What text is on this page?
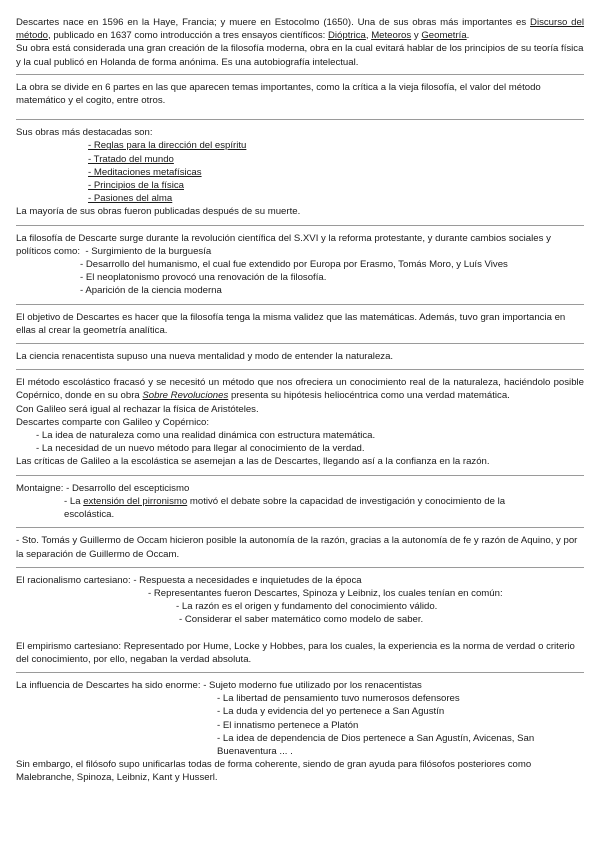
Descartes nace en 1596 en la Haye, Francia; y muere en Estocolmo (1650). Una de sus obras más importantes es Discurso del método, publicado en 1637 como introducción a tres ensayos científicos: Dióptrica, Meteoros y Geometría.

Su obra está considerada una gran creación de la filosofía moderna, obra en la cual evitará hablar de los principios de su teoría física y la cual publicó en Holanda de forma anónima. Es una autobiografía intelectual.

La obra se divide en 6 partes en las que aparecen temas importantes, como la crítica a la vieja filosofía, el valor del método matemático y el cogito, entre otros.

Sus obras más destacadas son:

- Reglas para la dirección del espíritu

- Tratado del mundo

- Meditaciones metafísicas

- Principios de la física

- Pasiones del alma

La mayoría de sus obras fueron publicadas después de su muerte.

La filosofía de Descarte surge durante la revolución científica del S.XVI y la reforma protestante, y durante cambios sociales y políticos como: - Surgimiento de la burguesía

- Desarrollo del humanismo, el cual fue extendido por Europa por Erasmo, Tomás Moro, y Luís Vives

- El neoplatonismo provocó una renovación de la filosofía.

- Aparición de la ciencia moderna

El objetivo de Descartes es hacer que la filosofía tenga la misma validez que las matemáticas. Además, tuvo gran importancia en ellas al crear la geometría analítica.

La ciencia renacentista supuso una nueva mentalidad y modo de entender la naturaleza.

El método escolástico fracasó y se necesitó un método que nos ofreciera un conocimiento real de la naturaleza, haciéndolo posible Copérnico, donde en su obra Sobre Revoluciones presenta su hipótesis heliocéntrica como una verdad matemática.

Con Galileo será igual al rechazar la física de Aristóteles.

Descartes comparte con Galileo y Copérnico:

- La idea de naturaleza como una realidad dinámica con estructura matemática.

- La necesidad de un nuevo método para llegar al conocimiento de la verdad.

Las críticas de Galileo a la escolástica se asemejan a las de Descartes, llegando así a la confianza en la razón.

Montaigne: - Desarrollo del escepticismo

- La extensión del pirronismo motivó el debate sobre la capacidad de investigación y conocimiento de la escolástica.

- Sto. Tomás y Guillermo de Occam hicieron posible la autonomía de la razón, gracias a la autonomía de fe y razón de Aquino, y por la separación de Guillermo de Occam.

El racionalismo cartesiano: - Respuesta a necesidades e inquietudes de la época

- Representantes fueron Descartes, Spinoza y Leibniz, los cuales tenían en común:

- La razón es el origen y fundamento del conocimiento válido.

- Considerar el saber matemático como modelo de saber.

El empirismo cartesiano: Representado por Hume, Locke y Hobbes, para los cuales, la experiencia es la norma de verdad o criterio del conocimiento, por ello, negaban la verdad absoluta.

La influencia de Descartes ha sido enorme: - Sujeto moderno fue utilizado por los renacentistas

- La libertad de pensamiento tuvo numerosos defensores

- La duda y evidencia del yo pertenece a San Agustín

- El innatismo pertenece a Platón

- La idea de dependencia de Dios pertenece a San Agustín, Avicenas, San Buenaventura ... .

Sin embargo, el filósofo supo unificarlas todas de forma coherente, siendo de gran ayuda para filósofos posteriores como Malebranche, Spinoza, Leibniz, Kant y Husserl.
